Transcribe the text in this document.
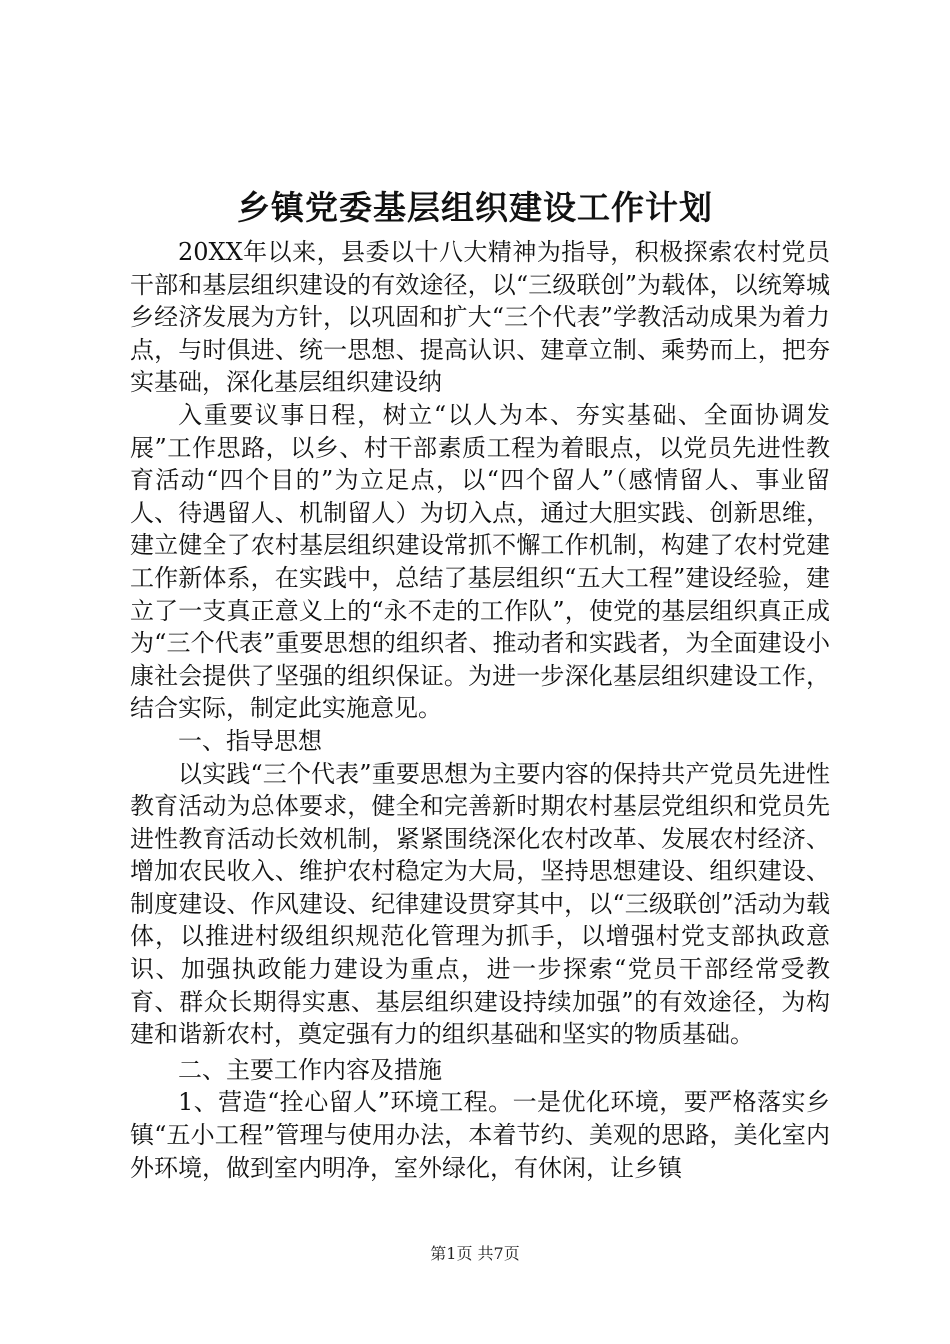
乡镇党委基层组织建设工作计划

20XX年以来，县委以十八大精神为指导，积极探索农村党员干部和基层组织建设的有效途径，以“三级联创”为载体，以统筹城乡经济发展为方针，以巩固和扩大“三个代表”学教活动成果为着力点，与时俱进、统一思想、提高认识、建章立制、乘势而上，把夯实基础，深化基层组织建设纳

入重要议事日程，树立“以人为本、夯实基础、全面协调发展”工作思路，以乡、村干部素质工程为着眼点，以党员先进性教育活动“四个目的”为立足点，以“四个留人”（感情留人、事业留人、待遇留人、机制留人）为切入点，通过大胆实践、创新思维，建立健全了农村基层组织建设常抓不懈工作机制，构建了农村党建工作新体系，在实践中，总结了基层组织“五大工程”建设经验，建立了一支真正意义上的“永不走的工作队”，使党的基层组织真正成为“三个代表”重要思想的组织者、推动者和实践者，为全面建设小康社会提供了坚强的组织保证。为进一步深化基层组织建设工作，结合实际，制定此实施意见。

一、指导思想

以实践“三个代表”重要思想为主要内容的保持共产党员先进性教育活动为总体要求，健全和完善新时期农村基层党组织和党员先进性教育活动长效机制，紧紧围绕深化农村改革、发展农村经济、增加农民收入、维护农村稳定为大局，坚持思想建设、组织建设、制度建设、作风建设、纪律建设贯穿其中，以“三级联创”活动为载体，以推进村级组织规范化管理为抓手，以增强村党支部执政意识、加强执政能力建设为重点，进一步探索“党员干部经常受教育、群众长期得实惠、基层组织建设持续加强”的有效途径，为构建和谐新农村，奠定强有力的组织基础和坚实的物质基础。

二、主要工作内容及措施

1、营造“拴心留人”环境工程。一是优化环境，要严格落实乡镇“五小工程”管理与使用办法，本着节约、美观的思路，美化室内外环境，做到室内明净，室外绿化，有休闲，让乡镇

第1页 共7页
